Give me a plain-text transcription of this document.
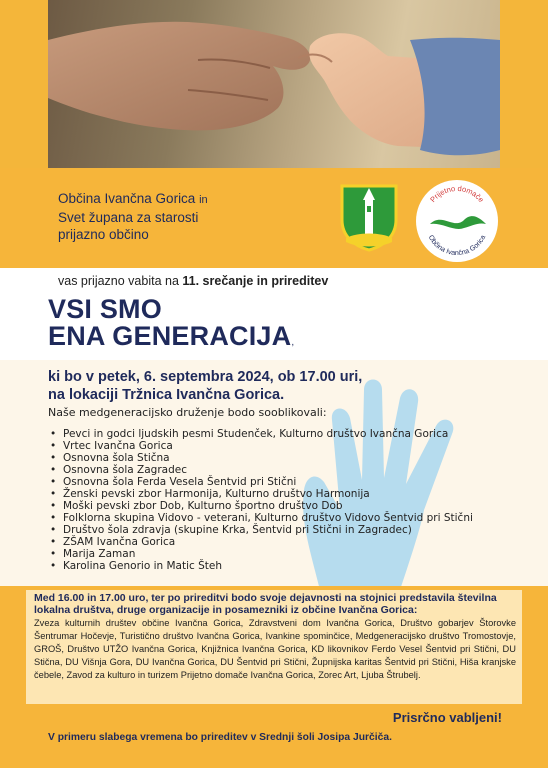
Občina Ivančna Gorica in
Svet župana za starosti
prijazno občino
Prijetno domače
Občina Ivančna Gorica
vas prijazno vabita na 11. srečanje in prireditev
VSI SMO
ENA GENERACIJA,
ki bo v petek, 6. septembra 2024, ob 17.00 uri,
na lokaciji Tržnica Ivančna Gorica.
Naše medgeneracijsko druženje bodo sooblikovali:
• Pevci in godci ljudskih pesmi Studenček, Kulturno društvo Ivančna Gorica
• Vrtec Ivančna Gorica
• Osnovna šola Stična
• Osnovna šola Zagradec
• Osnovna šola Ferda Vesela Šentvid pri Stični
• Ženski pevski zbor Harmonija, Kulturno društvo Harmonija
• Moški pevski zbor Dob, Kulturno športno društvo Dob
• Folklorna skupina Vidovo - veterani, Kulturno društvo Vidovo Šentvid pri Stični
• Društvo šola zdravja (skupine Krka, Šentvid pri Stični in Zagradec)
• ZŠAM Ivančna Gorica
• Marija Zaman
• Karolina Genorio in Matic Šteh
Med 16.00 in 17.00 uro, ter po prireditvi bodo svoje dejavnosti na stojnici predstavila številna lokalna društva, druge organizacije in posamezniki iz občine Ivančna Gorica:
Zveza kulturnih društev občine Ivančna Gorica, Zdravstveni dom Ivančna Gorica, Društvo gobarjev Štorovke Šentrumar Hočevje, Turistično društvo Ivančna Gorica, Ivankine spominčice, Medgeneracijsko društvo Tromostovje, GROŠ, Društvo UTŽO Ivančna Gorica, Knjižnica Ivančna Gorica, KD likovnikov Ferdo Vesel Šentvid pri Stični, DU Stična, DU Višnja Gora, DU Ivančna Gorica, DU Šentvid pri Stični, Župnijska karitas Šentvid pri Stični, Hiša kranjske čebele, Zavod za kulturo in turizem Prijetno domače Ivančna Gorica, Zorec Art, Ljuba Štrubelj.
Prisrčno vabljeni!
V primeru slabega vremena bo prireditev v Srednji šoli Josipa Jurčiča.
